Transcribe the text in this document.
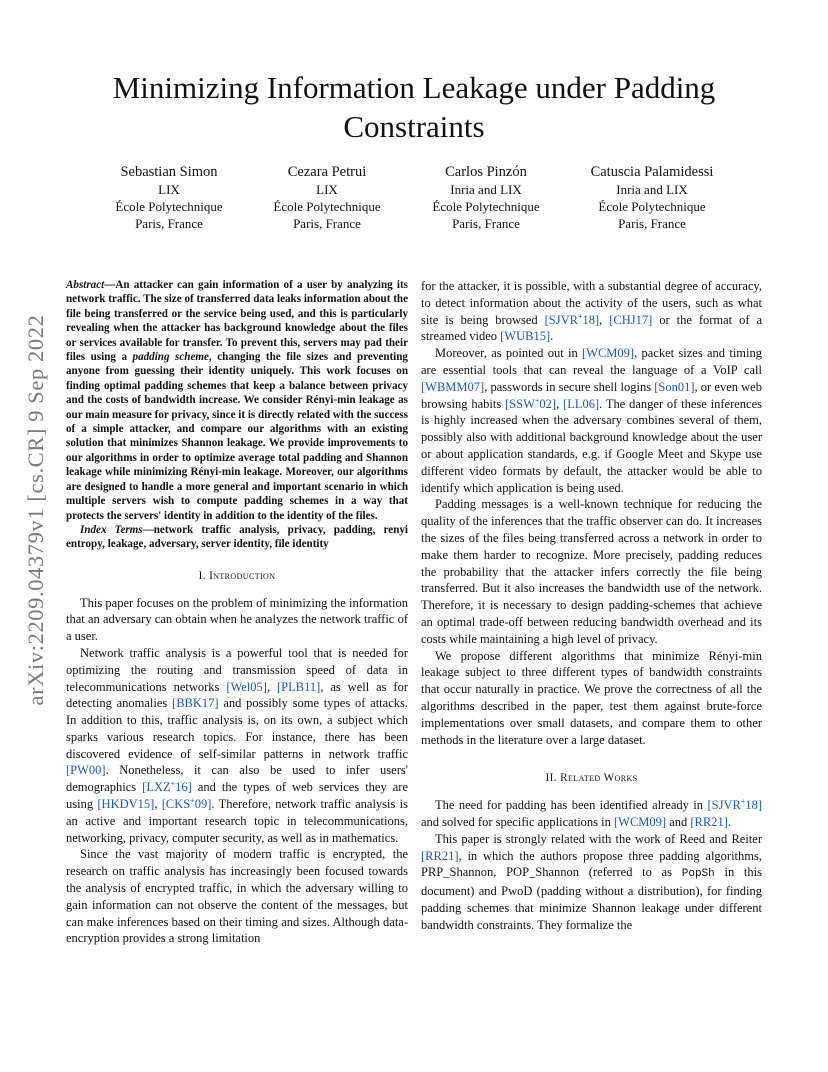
Minimizing Information Leakage under Padding Constraints
Sebastian Simon
LIX
École Polytechnique
Paris, France
Cezara Petrui
LIX
École Polytechnique
Paris, France
Carlos Pinzón
Inria and LIX
École Polytechnique
Paris, France
Catuscia Palamidessi
Inria and LIX
École Polytechnique
Paris, France
arXiv:2209.04379v1 [cs.CR] 9 Sep 2022
Abstract—An attacker can gain information of a user by analyzing its network traffic. The size of transferred data leaks information about the file being transferred or the service being used, and this is particularly revealing when the attacker has background knowledge about the files or services available for transfer. To prevent this, servers may pad their files using a padding scheme, changing the file sizes and preventing anyone from guessing their identity uniquely. This work focuses on finding optimal padding schemes that keep a balance between privacy and the costs of bandwidth increase. We consider Rényi-min leakage as our main measure for privacy, since it is directly related with the success of a simple attacker, and compare our algorithms with an existing solution that minimizes Shannon leakage. We provide improvements to our algorithms in order to optimize average total padding and Shannon leakage while minimizing Rényi-min leakage. Moreover, our algorithms are designed to handle a more general and important scenario in which multiple servers wish to compute padding schemes in a way that protects the servers' identity in addition to the identity of the files.
Index Terms—network traffic analysis, privacy, padding, renyi entropy, leakage, adversary, server identity, file identity
I. Introduction

This paper focuses on the problem of minimizing the information that an adversary can obtain when he analyzes the network traffic of a user.

Network traffic analysis is a powerful tool that is needed for optimizing the routing and transmission speed of data in telecommunications networks [Wel05], [PLB11], as well as for detecting anomalies [BBK17] and possibly some types of attacks. In addition to this, traffic analysis is, on its own, a subject which sparks various research topics. For instance, there has been discovered evidence of self-similar patterns in network traffic [PW00]. Nonetheless, it can also be used to infer users' demographics [LXZ+16] and the types of web services they are using [HKDV15], [CKS+09]. Therefore, network traffic analysis is an active and important research topic in telecommunications, networking, privacy, computer security, as well as in mathematics.

Since the vast majority of modern traffic is encrypted, the research on traffic analysis has increasingly been focused towards the analysis of encrypted traffic, in which the adversary willing to gain information can not observe the content of the messages, but can make inferences based on their timing and sizes. Although data-encryption provides a strong limitation

for the attacker, it is possible, with a substantial degree of accuracy, to detect information about the activity of the users, such as what site is being browsed [SJVR+18], [CHJ17] or the format of a streamed video [WUB15].

Moreover, as pointed out in [WCM09], packet sizes and timing are essential tools that can reveal the language of a VoIP call [WBMM07], passwords in secure shell logins [Son01], or even web browsing habits [SSW+02], [LL06]. The danger of these inferences is highly increased when the adversary combines several of them, possibly also with additional background knowledge about the user or about application standards, e.g. if Google Meet and Skype use different video formats by default, the attacker would be able to identify which application is being used.

Padding messages is a well-known technique for reducing the quality of the inferences that the traffic observer can do. It increases the sizes of the files being transferred across a network in order to make them harder to recognize. More precisely, padding reduces the probability that the attacker infers correctly the file being transferred. But it also increases the bandwidth use of the network. Therefore, it is necessary to design padding-schemes that achieve an optimal trade-off between reducing bandwidth overhead and its costs while maintaining a high level of privacy.

We propose different algorithms that minimize Rényi-min leakage subject to three different types of bandwidth constraints that occur naturally in practice. We prove the correctness of all the algorithms described in the paper, test them against brute-force implementations over small datasets, and compare them to other methods in the literature over a large dataset.

II. Related Works

The need for padding has been identified already in [SJVR+18] and solved for specific applications in [WCM09] and [RR21].

This paper is strongly related with the work of Reed and Reiter [RR21], in which the authors propose three padding algorithms, PRP_Shannon, POP_Shannon (referred to as PopSh in this document) and PwoD (padding without a distribution), for finding padding schemes that minimize Shannon leakage under different bandwidth constraints. They formalize the
